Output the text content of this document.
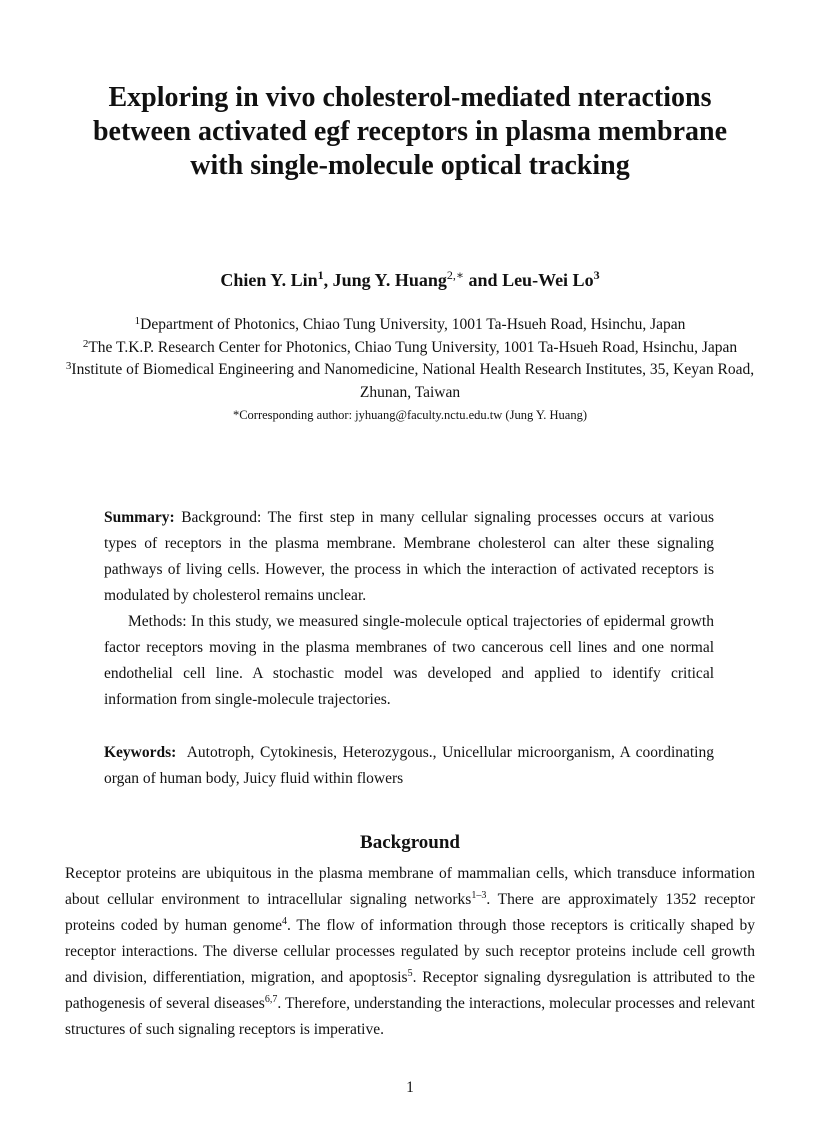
Exploring in vivo cholesterol-mediated nteractions
between activated egf receptors in plasma membrane
with single-molecule optical tracking
Chien Y. Lin$^1$, Jung Y. Huang$^{2,∗}$ and Leu-Wei Lo$^3$
$^1$Department of Photonics, Chiao Tung University, 1001 Ta-Hsueh Road, Hsinchu, Japan
$^2$The T.K.P. Research Center for Photonics, Chiao Tung University, 1001 Ta-Hsueh Road, Hsinchu, Japan
$^3$Institute of Biomedical Engineering and Nanomedicine, National Health Research Institutes, 35, Keyan Road, Zhunan, Taiwan
*Corresponding author: jyhuang@faculty.nctu.edu.tw (Jung Y. Huang)

Summary: Background: The first step in many cellular signaling processes occurs at various types of receptors in the plasma membrane. Membrane cholesterol can alter these signaling pathways of living cells. However, the process in which the interaction of activated receptors is modulated by cholesterol remains unclear.

Methods: In this study, we measured single-molecule optical trajectories of epidermal growth factor receptors moving in the plasma membranes of two cancerous cell lines and one normal endothelial cell line. A stochastic model was developed and applied to identify critical information from single-molecule trajectories.

Keywords: Autotroph, Cytokinesis, Heterozygous., Unicellular microorganism, A coordinating organ of human body, Juicy fluid within flowers
Background

Receptor proteins are ubiquitous in the plasma membrane of mammalian cells, which transduce information about cellular environment to intracellular signaling networks$^{1-3}$. There are approximately 1352 receptor proteins coded by human genome$^4$. The flow of information through those receptors is critically shaped by receptor interactions. The diverse cellular processes regulated by such receptor proteins include cell growth and division, differentiation, migration, and apoptosis$^5$. Receptor signaling dysregulation is attributed to the pathogenesis of several diseases$^{6,7}$. Therefore, understanding the interactions, molecular processes and relevant structures of such signaling receptors is imperative.

1
